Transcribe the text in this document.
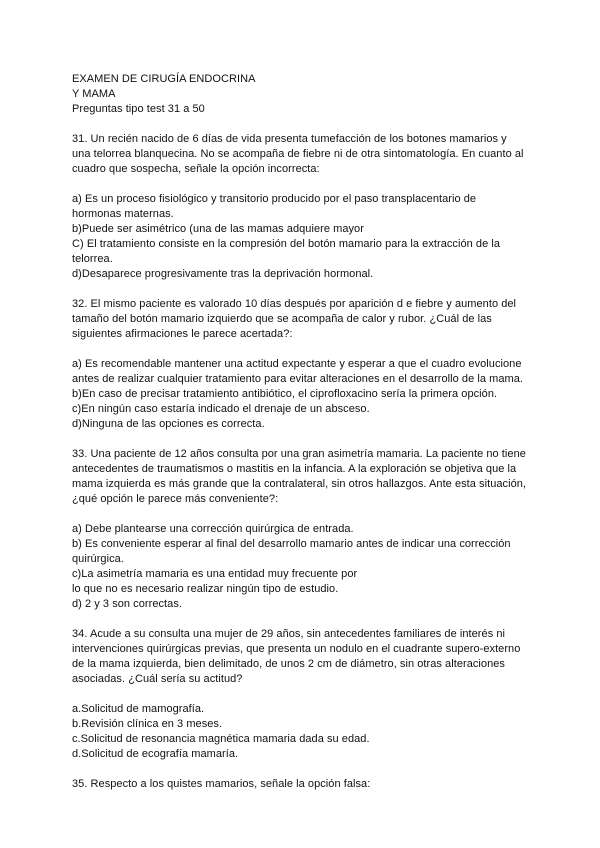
EXAMEN DE CIRUGÍA ENDOCRINA
Y MAMA
Preguntas tipo test 31 a 50
31. Un recién nacido de 6 días de vida presenta tumefacción de los botones mamarios y
una telorrea blanquecina. No se acompaña de fiebre ni de otra sintomatología. En cuanto al
cuadro que sospecha, señale la opción incorrecta:
a) Es un proceso fisiológico y transitorio producido por el paso transplacentario de
hormonas maternas.
b)Puede ser asimétrico (una de las mamas adquiere mayor
C) El tratamiento consiste en la compresión del botón mamario para la extracción de la
telorrea.
d)Desaparece progresivamente tras la deprivación hormonal.
32. El mismo paciente es valorado 10 días después por aparición d e fiebre y aumento del
tamaño del botón mamario izquierdo que se acompaña de calor y rubor. ¿Cuál de las
siguientes afirmaciones le parece acertada?:
a) Es recomendable mantener una actitud expectante y esperar a que el cuadro evolucione
antes de realizar cualquier tratamiento para evitar alteraciones en el desarrollo de la mama.
b)En caso de precisar tratamiento antibiótico, el ciprofloxacino sería la primera opción.
c)En ningún caso estaría indicado el drenaje de un absceso.
d)Ninguna de las opciones es correcta.
33. Una paciente de 12 años consulta por una gran asimetría mamaria. La paciente no tiene
antecedentes de traumatismos o mastitis en la infancia. A la exploración se objetiva que la
mama izquierda es más grande que la contralateral, sin otros hallazgos. Ante esta situación,
¿qué opción le parece más conveniente?:
a) Debe plantearse una corrección quirúrgica de entrada.
b) Es conveniente esperar al final del desarrollo mamario antes de indicar una corrección
quirúrgica.
c)La asimetría mamaria es una entidad muy frecuente por
lo que no es necesario realizar ningún tipo de estudio.
d) 2 y 3 son correctas.
34. Acude a su consulta una mujer de 29 años, sin antecedentes familiares de interés ni
intervenciones quirúrgicas previas, que presenta un nodulo en el cuadrante supero-externo
de la mama izquierda, bien delimitado, de unos 2 cm de diámetro, sin otras alteraciones
asociadas. ¿Cuál sería su actitud?
a.Solicitud de mamografía.
b.Revisión clínica en 3 meses.
c.Solicitud de resonancia magnética mamaria dada su edad.
d.Solicitud de ecografía mamaría.
35. Respecto a los quistes mamarios, señale la opción falsa:
